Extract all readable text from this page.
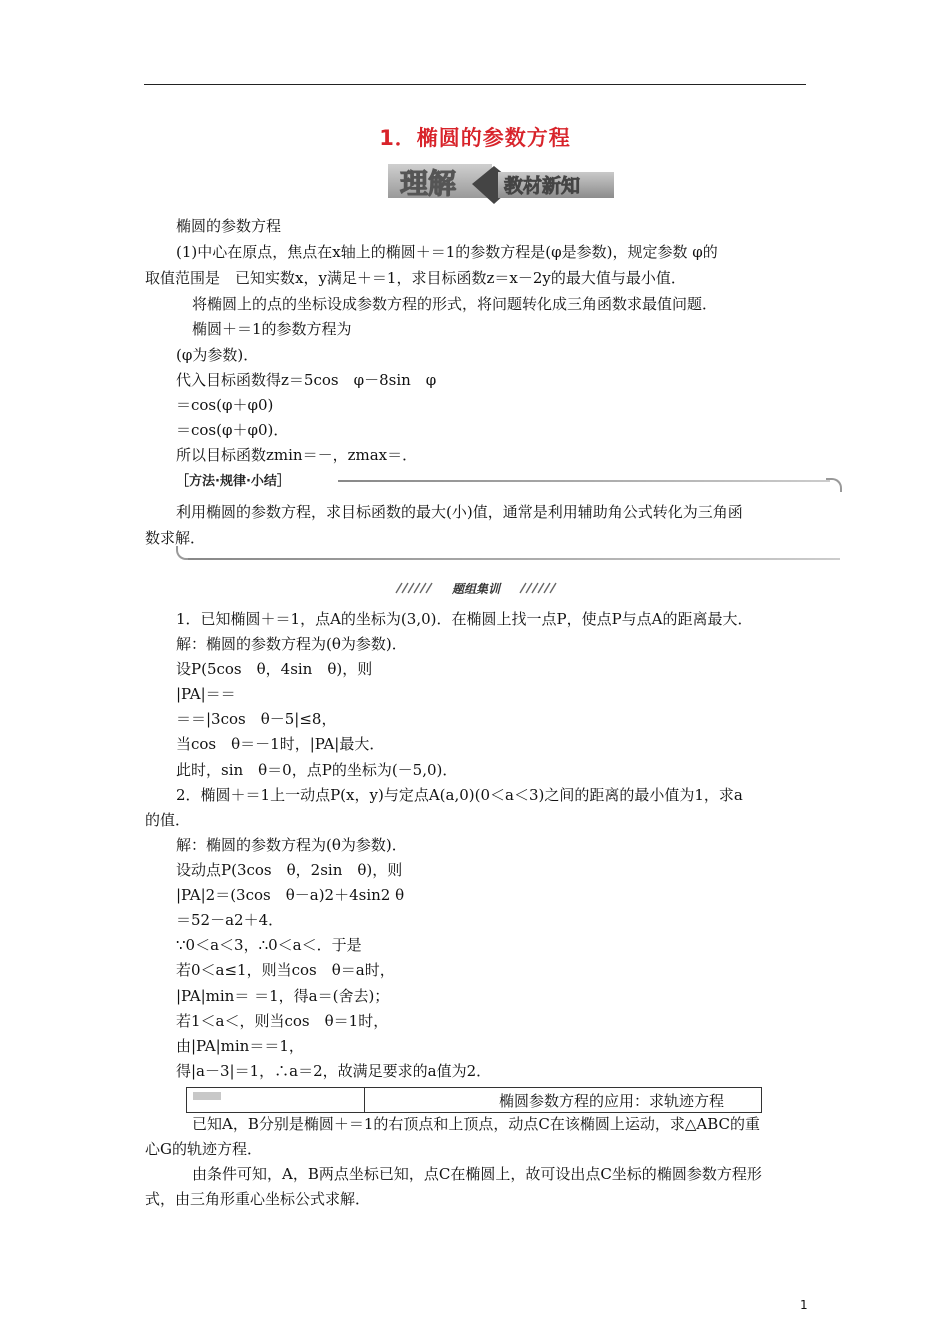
1．椭圆的参数方程
理解	教材新知
椭圆的参数方程
(1)中心在原点，焦点在x轴上的椭圆＋＝1的参数方程是(φ是参数)，规定参数 φ的
取值范围是　已知实数x，y满足＋＝1，求目标函数z＝x－2y的最大值与最小值．
将椭圆上的点的坐标设成参数方程的形式，将问题转化成三角函数求最值问题．
椭圆＋＝1的参数方程为
(φ为参数)．
代入目标函数得z＝5cos　φ－8sin　φ
＝cos(φ＋φ0)
＝cos(φ＋φ0)．
所以目标函数zmin＝－，zmax＝．
［方法·规律·小结］
利用椭圆的参数方程，求目标函数的最大(小)值，通常是利用辅助角公式转化为三角函
数求解．
题组集训
1．已知椭圆＋＝1，点A的坐标为(3,0)．在椭圆上找一点P，使点P与点A的距离最大．
解：椭圆的参数方程为(θ为参数)．
设P(5cos　θ，4sin　θ)，则
|PA|＝＝
＝＝|3cos　θ－5|≤8，
当cos　θ＝－1时，|PA|最大．
此时，sin　θ＝0，点P的坐标为(－5,0)．
2．椭圆＋＝1上一动点P(x，y)与定点A(a,0)(0＜a＜3)之间的距离的最小值为1，求a
的值．
解：椭圆的参数方程为(θ为参数)．
设动点P(3cos　θ，2sin　θ)，则
|PA|2＝(3cos　θ－a)2＋4sin2 θ
＝52－a2＋4．
∵0＜a＜3，∴0＜a＜．于是
若0＜a≤1，则当cos　θ＝a时，
|PA|min＝ ＝1，得a＝(舍去)；
若1＜a＜，则当cos　θ＝1时，
由|PA|min＝＝1，
得|a－3|＝1，∴a＝2，故满足要求的a值为2．
椭圆参数方程的应用：求轨迹方程
已知A，B分别是椭圆＋＝1的右顶点和上顶点，动点C在该椭圆上运动，求△ABC的重
心G的轨迹方程．
由条件可知，A，B两点坐标已知，点C在椭圆上，故可设出点C坐标的椭圆参数方程形
式，由三角形重心坐标公式求解．
1
